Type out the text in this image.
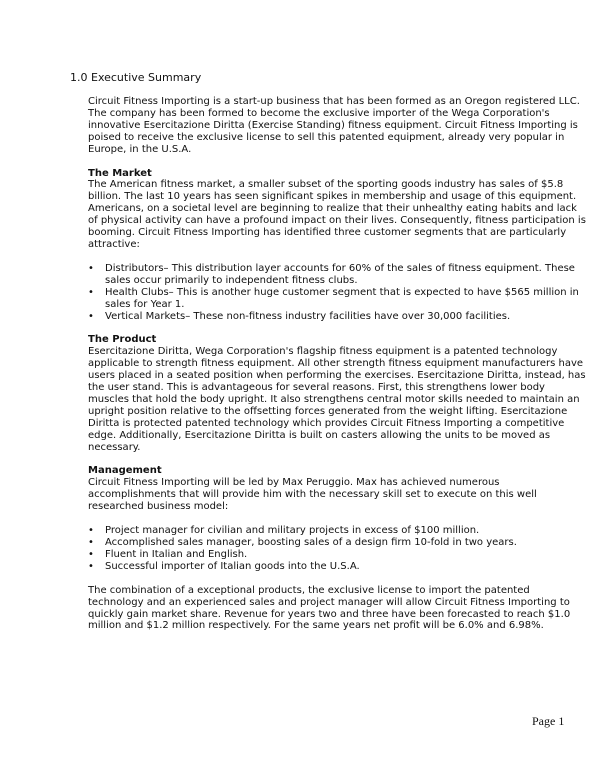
1.0 Executive Summary

Circuit Fitness Importing is a start-up business that has been formed as an Oregon registered LLC. The company has been formed to become the exclusive importer of the Wega Corporation's innovative Esercitazione Diritta (Exercise Standing) fitness equipment. Circuit Fitness Importing is poised to receive the exclusive license to sell this patented equipment, already very popular in Europe, in the U.S.A.

The Market

The American fitness market, a smaller subset of the sporting goods industry has sales of $5.8 billion. The last 10 years has seen significant spikes in membership and usage of this equipment. Americans, on a societal level are beginning to realize that their unhealthy eating habits and lack of physical activity can have a profound impact on their lives. Consequently, fitness participation is booming. Circuit Fitness Importing has identified three customer segments that are particularly attractive:

• Distributors– This distribution layer accounts for 60% of the sales of fitness equipment. These sales occur primarily to independent fitness clubs.
• Health Clubs– This is another huge customer segment that is expected to have $565 million in sales for Year 1.
• Vertical Markets– These non-fitness industry facilities have over 30,000 facilities.

The Product

Esercitazione Diritta, Wega Corporation's flagship fitness equipment is a patented technology applicable to strength fitness equipment. All other strength fitness equipment manufacturers have users placed in a seated position when performing the exercises. Esercitazione Diritta, instead, has the user stand. This is advantageous for several reasons. First, this strengthens lower body muscles that hold the body upright. It also strengthens central motor skills needed to maintain an upright position relative to the offsetting forces generated from the weight lifting. Esercitazione Diritta is protected patented technology which provides Circuit Fitness Importing a competitive edge. Additionally, Esercitazione Diritta is built on casters allowing the units to be moved as necessary.

Management

Circuit Fitness Importing will be led by Max Peruggio. Max has achieved numerous accomplishments that will provide him with the necessary skill set to execute on this well researched business model:

• Project manager for civilian and military projects in excess of $100 million.
• Accomplished sales manager, boosting sales of a design firm 10-fold in two years.
• Fluent in Italian and English.
• Successful importer of Italian goods into the U.S.A.

The combination of a exceptional products, the exclusive license to import the patented technology and an experienced sales and project manager will allow Circuit Fitness Importing to quickly gain market share. Revenue for years two and three have been forecasted to reach $1.0 million and $1.2 million respectively. For the same years net profit will be 6.0% and 6.98%.

Page 1
